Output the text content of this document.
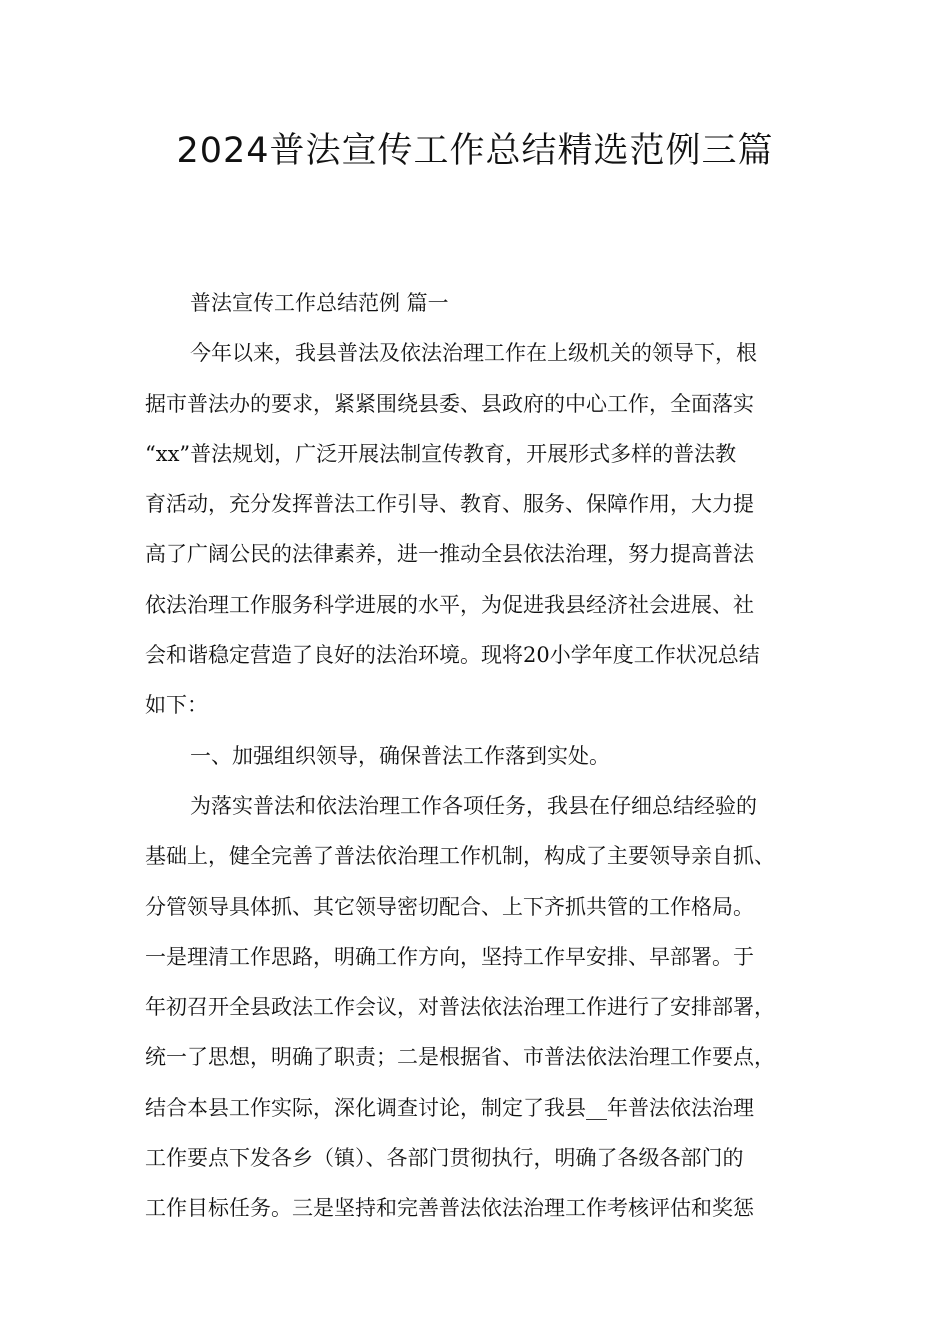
2024普法宣传工作总结精选范例三篇
普法宣传工作总结范例 篇一
今年以来，我县普法及依法治理工作在上级机关的领导下，根
据市普法办的要求，紧紧围绕县委、县政府的中心工作，全面落实
“xx”普法规划，广泛开展法制宣传教育，开展形式多样的普法教
育活动，充分发挥普法工作引导、教育、服务、保障作用，大力提
高了广阔公民的法律素养，进一推动全县依法治理，努力提高普法
依法治理工作服务科学进展的水平，为促进我县经济社会进展、社
会和谐稳定营造了良好的法治环境。现将20小学年度工作状况总结
如下：
一、加强组织领导，确保普法工作落到实处。
为落实普法和依法治理工作各项任务，我县在仔细总结经验的
基础上，健全完善了普法依治理工作机制，构成了主要领导亲自抓、
分管领导具体抓、其它领导密切配合、上下齐抓共管的工作格局。
一是理清工作思路，明确工作方向，坚持工作早安排、早部署。于
年初召开全县政法工作会议，对普法依法治理工作进行了安排部署，
统一了思想，明确了职责；二是根据省、市普法依法治理工作要点，
结合本县工作实际，深化调查讨论，制定了我县__年普法依法治理
工作要点下发各乡（镇）、各部门贯彻执行，明确了各级各部门的
工作目标任务。三是坚持和完善普法依法治理工作考核评估和奖惩
